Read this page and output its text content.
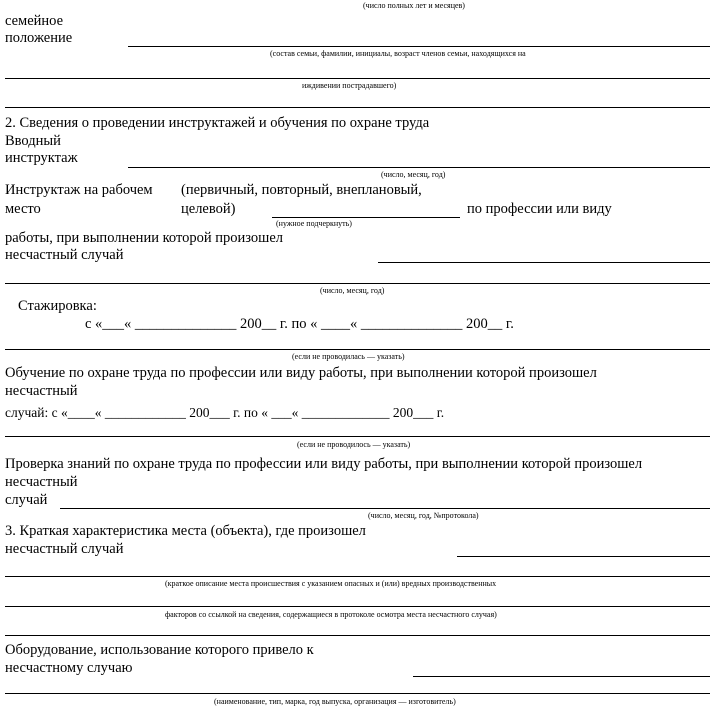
(число полных лет и месяцев)
семейное
положение
(состав семьи, фамилии, инициалы, возраст членов семьи, находящихся на
иждивении пострадавшего)
2. Сведения о проведении инструктажей и обучения по охране труда
Вводный
инструктаж
(число, месяц, год)
Инструктаж на рабочем
место
(первичный, повторный, внеплановый,
целевой)
(нужное подчеркнуть)
по профессии или виду
работы, при выполнении которой произошел
несчастный случай
(число, месяц, год)
Стажировка:
с «___« ______________ 200__ г. по « ____« ______________ 200__ г.
(если не проводилась — указать)
Обучение по охране труда по профессии или виду работы, при выполнении которой произошел
несчастный
случай: с «____« ____________ 200___ г. по « ___« _____________ 200___ г.
(если не проводилось — указать)
Проверка знаний по охране труда по профессии или виду работы, при выполнении которой произошел
несчастный
случай
(число, месяц, год, №протокола)
3. Краткая характеристика места (объекта), где произошел
несчастный случай
(краткое описание места происшествия с указанием опасных и (или) вредных производственных
факторов со ссылкой на сведения, содержащиеся в протоколе осмотра места несчастного случая)
Оборудование, использование которого привело к
несчастному случаю
(наименование, тип, марка, год выпуска, организация — изготовитель)
